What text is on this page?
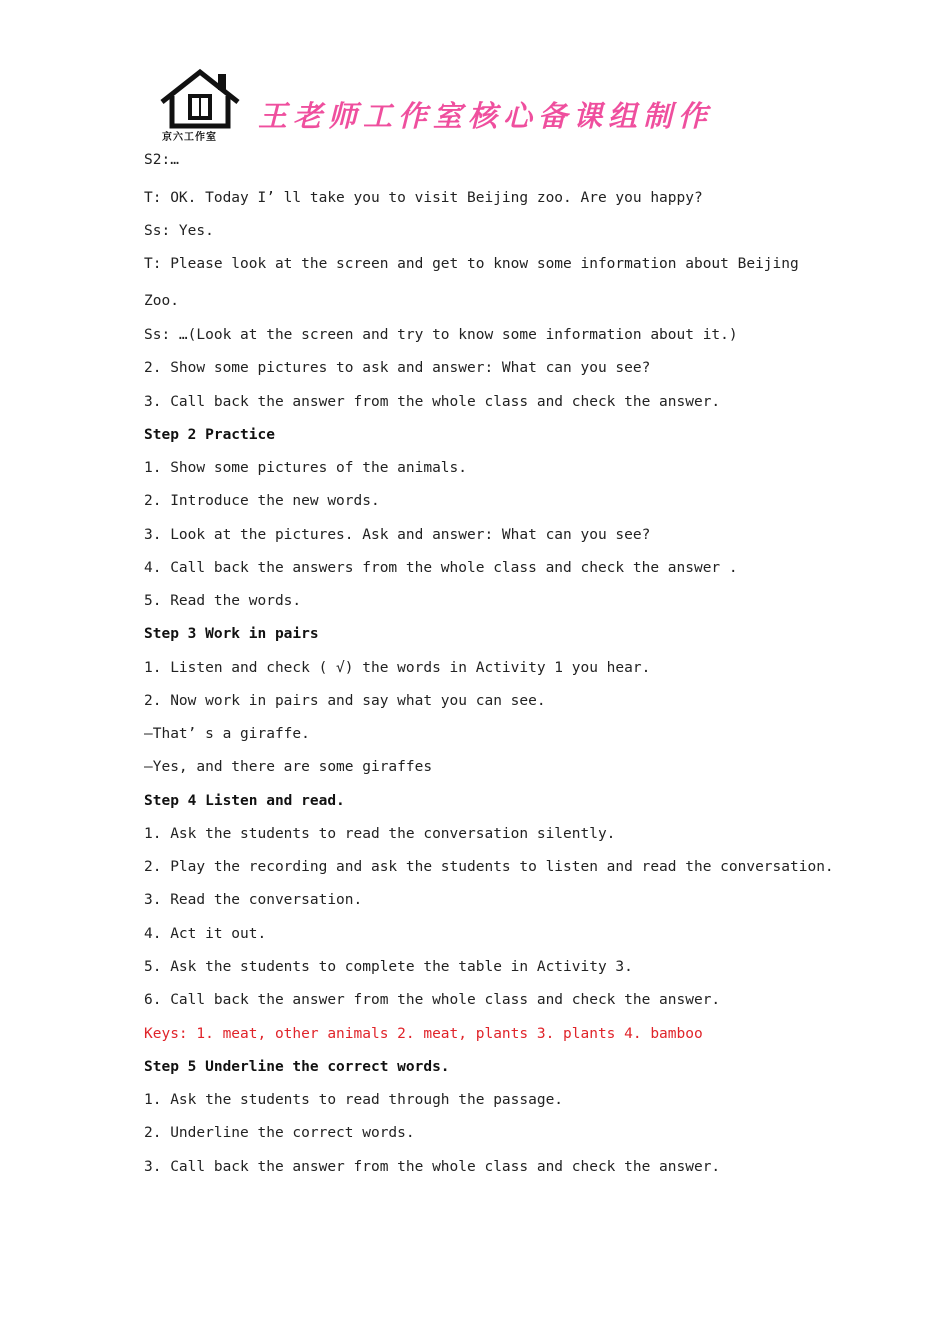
京六工作室
王老师工作室核心备课组制作
S2:…
T: OK. Today I’ ll take you to visit Beijing zoo. Are you happy?
Ss: Yes.
T: Please look at the screen and get to know some information about Beijing
Zoo.
Ss: …(Look at the screen and try to know some information about it.)
2. Show some pictures to ask and answer: What can you see?
3. Call back the answer from the whole class and check the answer.
Step 2 Practice
1. Show some pictures of the animals.
2. Introduce the new words.
3. Look at the pictures. Ask and answer: What can you see?
4. Call back the answers from the whole class and check the answer .
5. Read the words.
Step 3 Work in pairs
1. Listen and check ( √) the words in Activity 1 you hear.
2. Now work in pairs and say what you can see.
—That’ s a giraffe.
—Yes, and there are some giraffes
Step 4 Listen and read.
1. Ask the students to read the conversation silently.
2. Play the recording and ask the students to listen and read the conversation.
3. Read the conversation.
4. Act it out.
5. Ask the students to complete the table in Activity 3.
6. Call back the answer from the whole class and check the answer.
Keys: 1. meat, other animals 2. meat, plants 3. plants 4. bamboo
Step 5 Underline the correct words.
1. Ask the students to read through the passage.
2. Underline the correct words.
3. Call back the answer from the whole class and check the answer.
